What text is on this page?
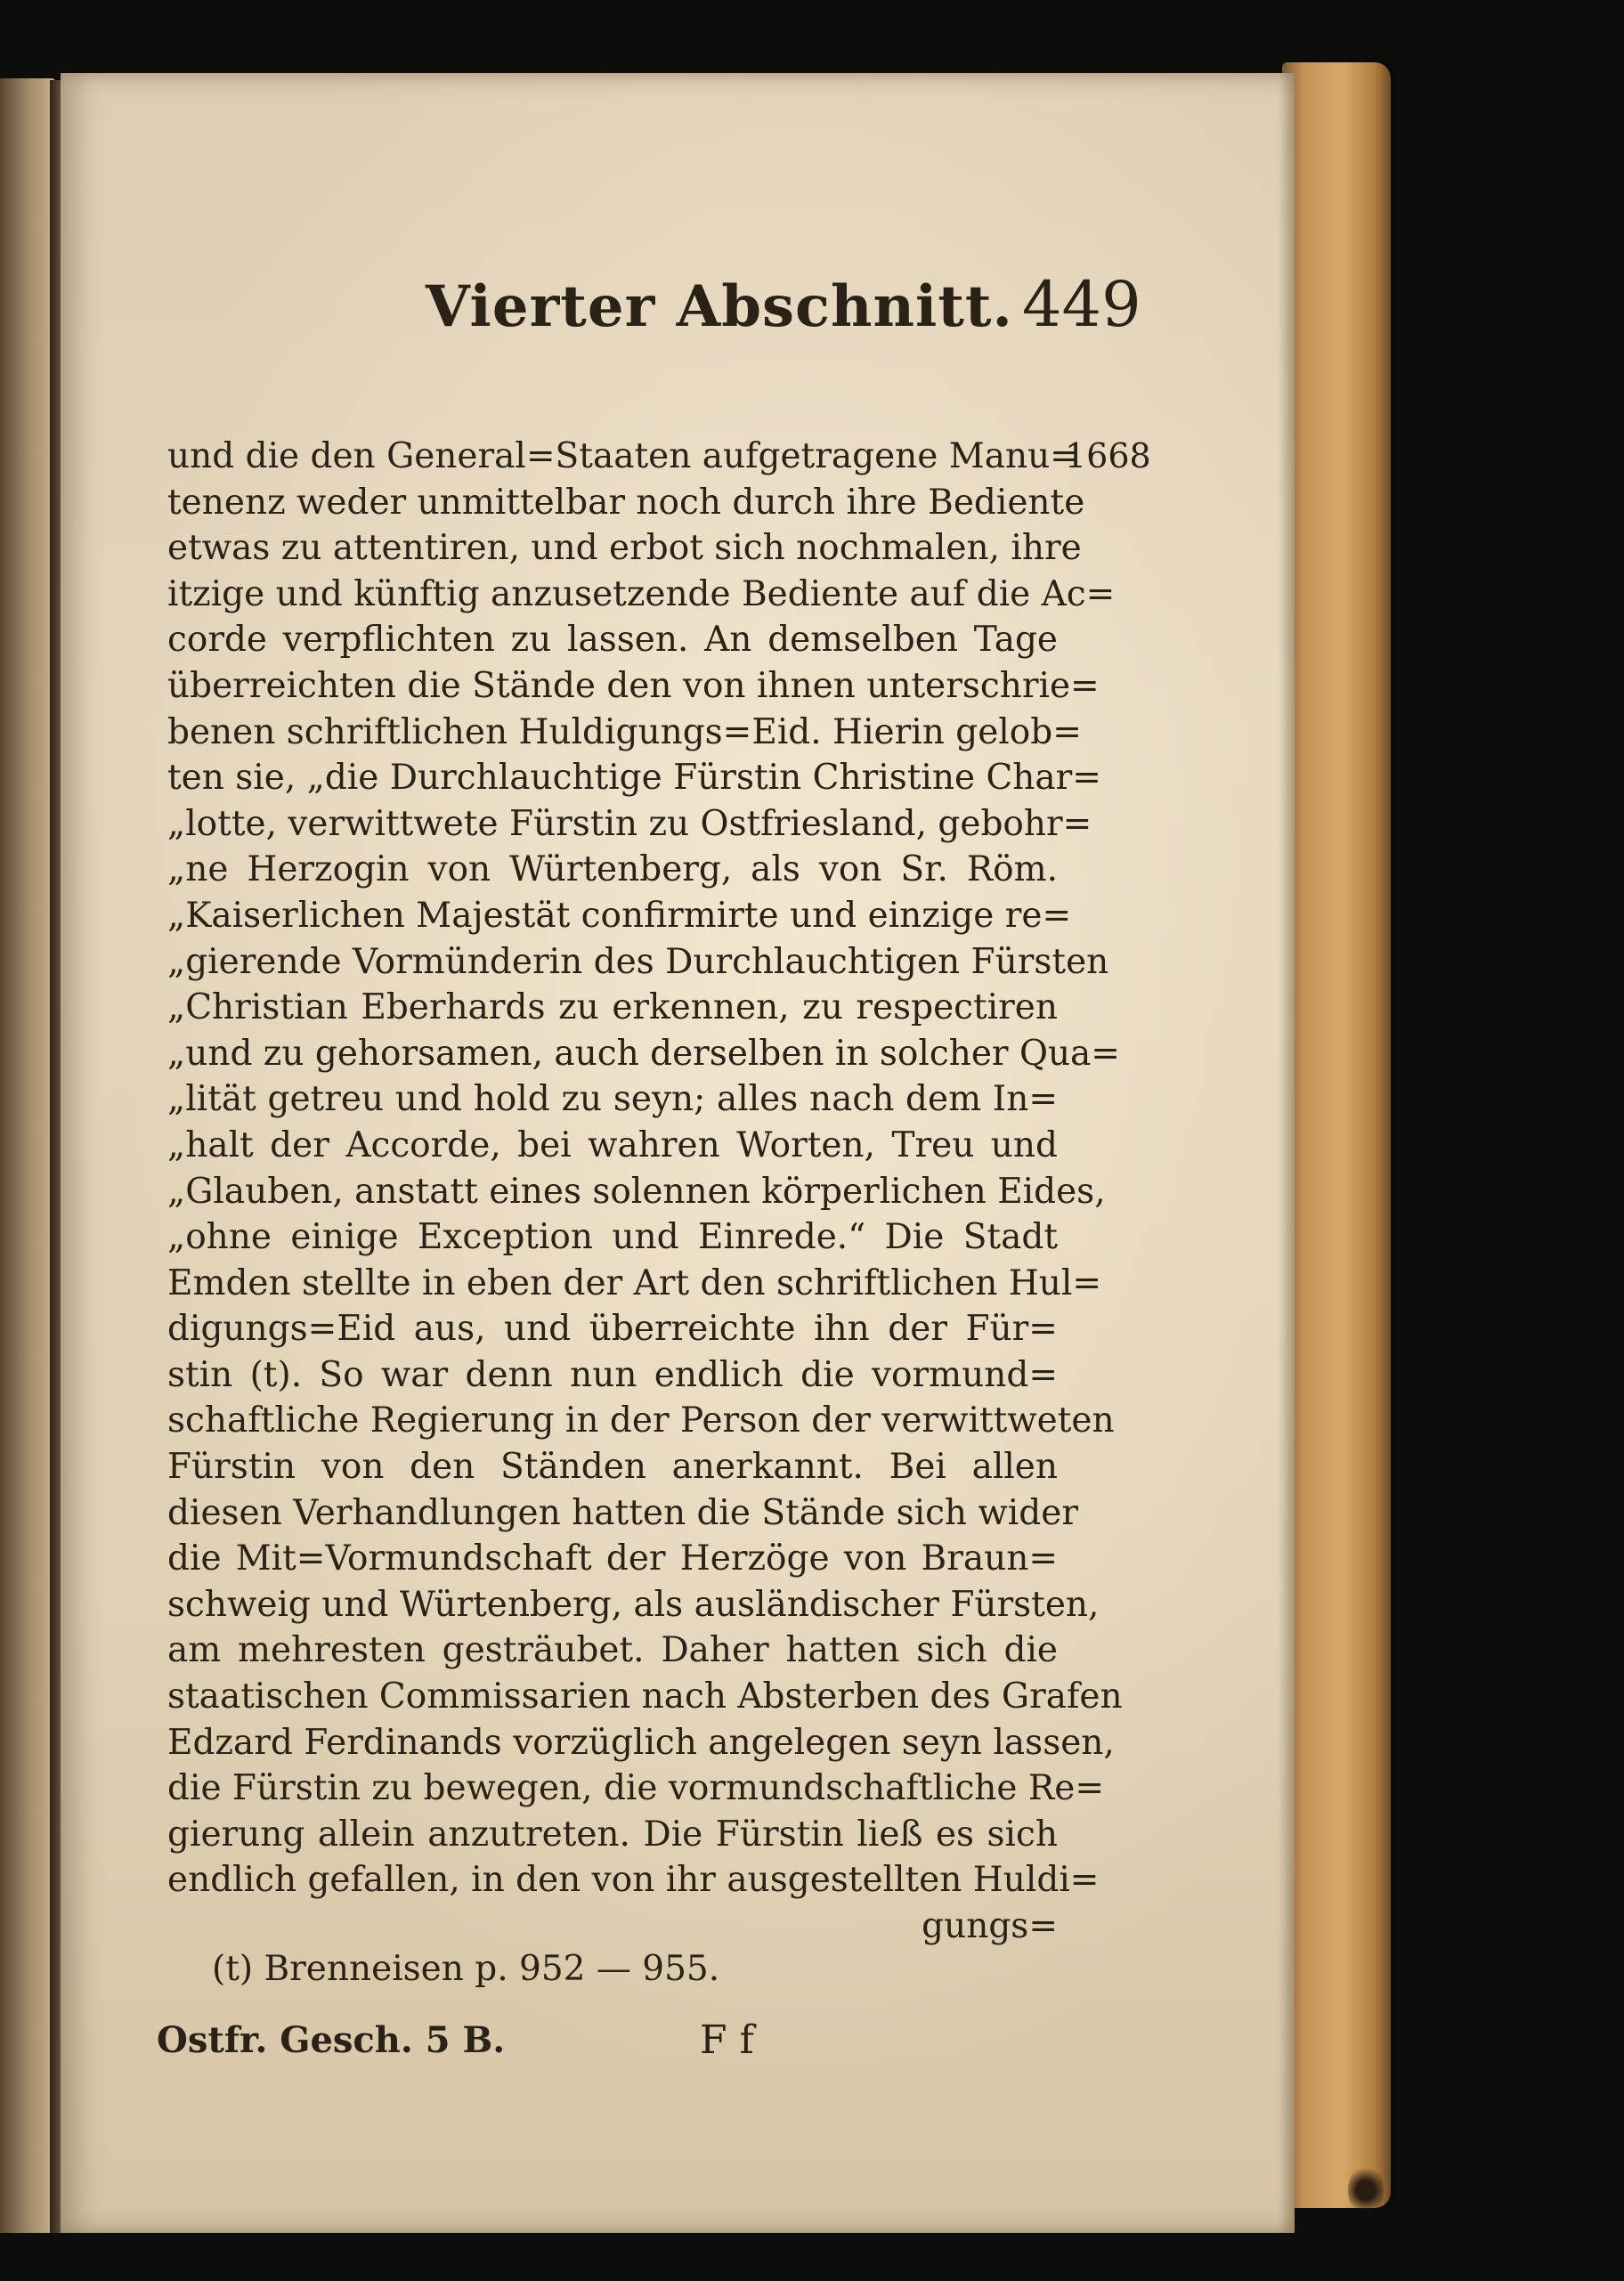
Vierter Abschnitt. 449
1668
und die den General=Staaten aufgetragene Manu=
tenenz weder unmittelbar noch durch ihre Bediente
etwas zu attentiren, und erbot sich nochmalen, ihre
itzige und künftig anzusetzende Bediente auf die Ac=
corde verpflichten zu lassen. An demselben Tage
überreichten die Stände den von ihnen unterschrie=
benen schriftlichen Huldigungs=Eid. Hierin gelob=
ten sie, „die Durchlauchtige Fürstin Christine Char=
„lotte, verwittwete Fürstin zu Ostfriesland, gebohr=
„ne Herzogin von Würtenberg, als von Sr. Röm.
„Kaiserlichen Majestät confirmirte und einzige re=
„gierende Vormünderin des Durchlauchtigen Fürsten
„Christian Eberhards zu erkennen, zu respectiren
„und zu gehorsamen, auch derselben in solcher Qua=
„lität getreu und hold zu seyn; alles nach dem In=
„halt der Accorde, bei wahren Worten, Treu und
„Glauben, anstatt eines solennen körperlichen Eides,
„ohne einige Exception und Einrede.“ Die Stadt
Emden stellte in eben der Art den schriftlichen Hul=
digungs=Eid aus, und überreichte ihn der Für=
stin (t). So war denn nun endlich die vormund=
schaftliche Regierung in der Person der verwittweten
Fürstin von den Ständen anerkannt. Bei allen
diesen Verhandlungen hatten die Stände sich wider
die Mit=Vormundschaft der Herzöge von Braun=
schweig und Würtenberg, als ausländischer Fürsten,
am mehresten gesträubet. Daher hatten sich die
staatischen Commissarien nach Absterben des Grafen
Edzard Ferdinands vorzüglich angelegen seyn lassen,
die Fürstin zu bewegen, die vormundschaftliche Re=
gierung allein anzutreten. Die Fürstin ließ es sich
endlich gefallen, in den von ihr ausgestellten Huldi=
gungs=
(t) Brenneisen p. 952 — 955.
Ostfr. Gesch. 5 B.	F f
